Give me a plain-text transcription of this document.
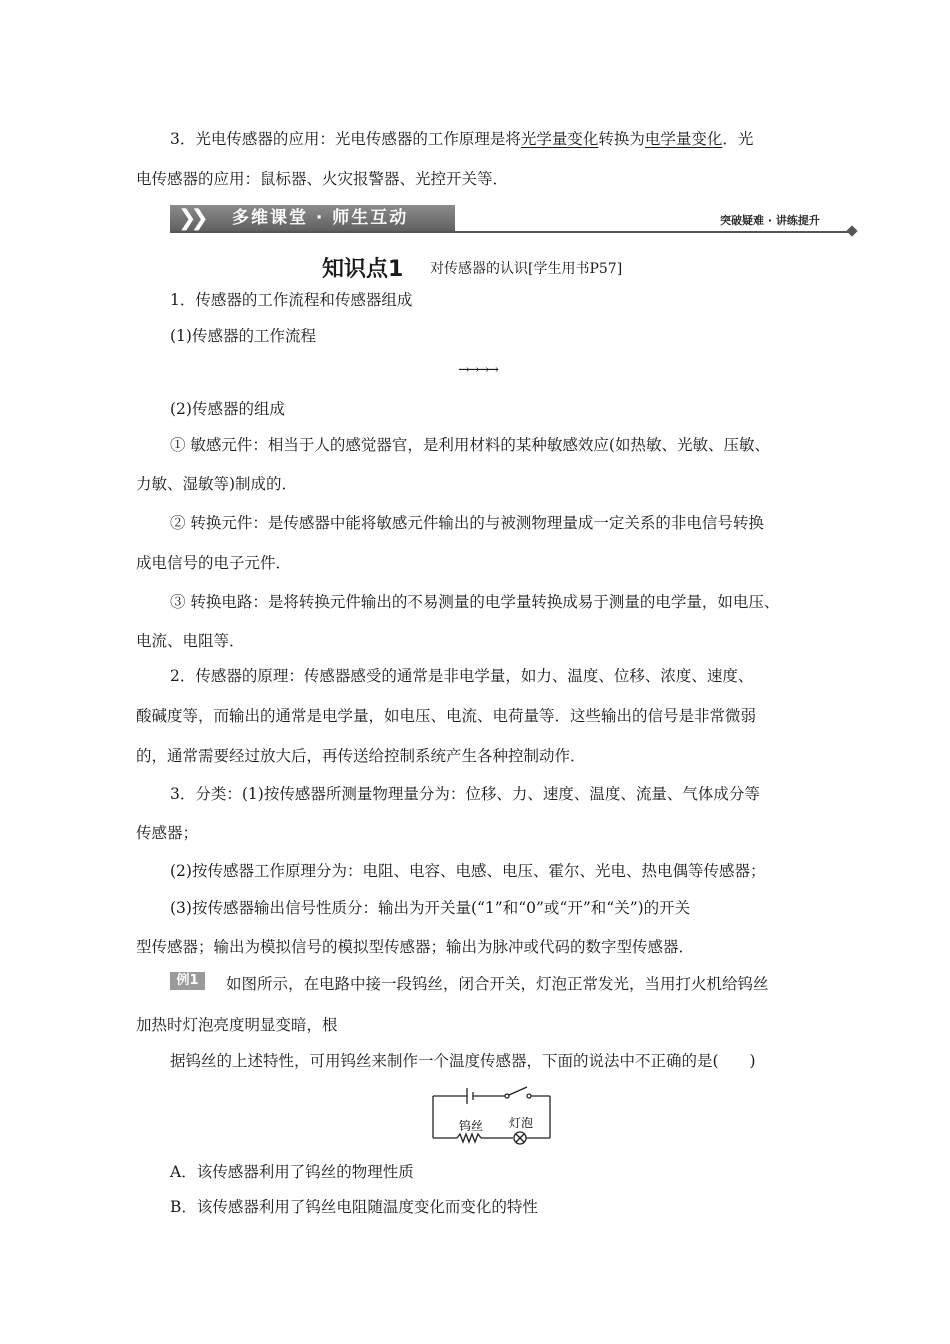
3．光电传感器的应用：光电传感器的工作原理是将光学量变化转换为电学量变化．光
电传感器的应用：鼠标器、火灾报警器、光控开关等．
❯❯	多维课堂 · 师生互动	突破疑难 · 讲练提升
知识点1 对传感器的认识[学生用书P57]
1．传感器的工作流程和传感器组成
(1)传感器的工作流程
→→→→
(2)传感器的组成
① 敏感元件：相当于人的感觉器官，是利用材料的某种敏感效应(如热敏、光敏、压敏、
力敏、湿敏等)制成的．
② 转换元件：是传感器中能将敏感元件输出的与被测物理量成一定关系的非电信号转换
成电信号的电子元件．
③ 转换电路：是将转换元件输出的不易测量的电学量转换成易于测量的电学量，如电压、
电流、电阻等．
2．传感器的原理：传感器感受的通常是非电学量，如力、温度、位移、浓度、速度、
酸碱度等，而输出的通常是电学量，如电压、电流、电荷量等．这些输出的信号是非常微弱
的，通常需要经过放大后，再传送给控制系统产生各种控制动作．
3．分类：(1)按传感器所测量物理量分为：位移、力、速度、温度、流量、气体成分等
传感器；
(2)按传感器工作原理分为：电阻、电容、电感、电压、霍尔、光电、热电偶等传感器；
(3)按传感器输出信号性质分：输出为开关量(“1”和“0”或“开”和“关”)的开关
型传感器；输出为模拟信号的模拟型传感器；输出为脉冲或代码的数字型传感器．
例1	如图所示，在电路中接一段钨丝，闭合开关，灯泡正常发光，当用打火机给钨丝
加热时灯泡亮度明显变暗，根
据钨丝的上述特性，可用钨丝来制作一个温度传感器，下面的说法中不正确的是(　　)
钨丝 灯泡
A．该传感器利用了钨丝的物理性质
B．该传感器利用了钨丝电阻随温度变化而变化的特性
